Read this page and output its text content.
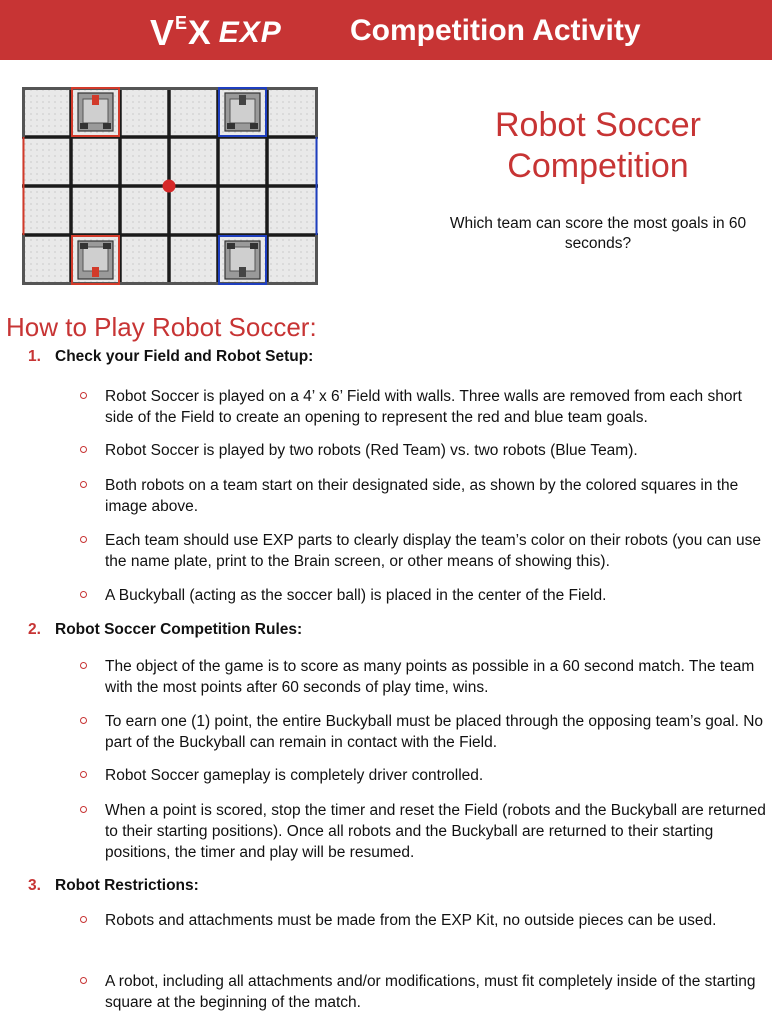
V E X EXP Competition Activity
Robot Soccer Competition
Which team can score the most goals in 60 seconds?
How to Play Robot Soccer:
1. Check your Field and Robot Setup:
Robot Soccer is played on a 4’ x 6’ Field with walls. Three walls are removed from each short side of the Field to create an opening to represent the red and blue team goals.
Robot Soccer is played by two robots (Red Team) vs. two robots (Blue Team).
Both robots on a team start on their designated side, as shown by the colored squares in the image above.
Each team should use EXP parts to clearly display the team’s color on their robots (you can use the name plate, print to the Brain screen, or other means of showing this).
A Buckyball (acting as the soccer ball) is placed in the center of the Field.
2. Robot Soccer Competition Rules:
The object of the game is to score as many points as possible in a 60 second match. The team with the most points after 60 seconds of play time, wins.
To earn one (1) point, the entire Buckyball must be placed through the opposing team’s goal. No part of the Buckyball can remain in contact with the Field.
Robot Soccer gameplay is completely driver controlled.
When a point is scored, stop the timer and reset the Field (robots and the Buckyball are returned to their starting positions). Once all robots and the Buckyball are returned to their starting positions, the timer and play will be resumed.
3. Robot Restrictions:
Robots and attachments must be made from the EXP Kit, no outside pieces can be used.
A robot, including all attachments and/or modifications, must fit completely inside of the starting square at the beginning of the match.
